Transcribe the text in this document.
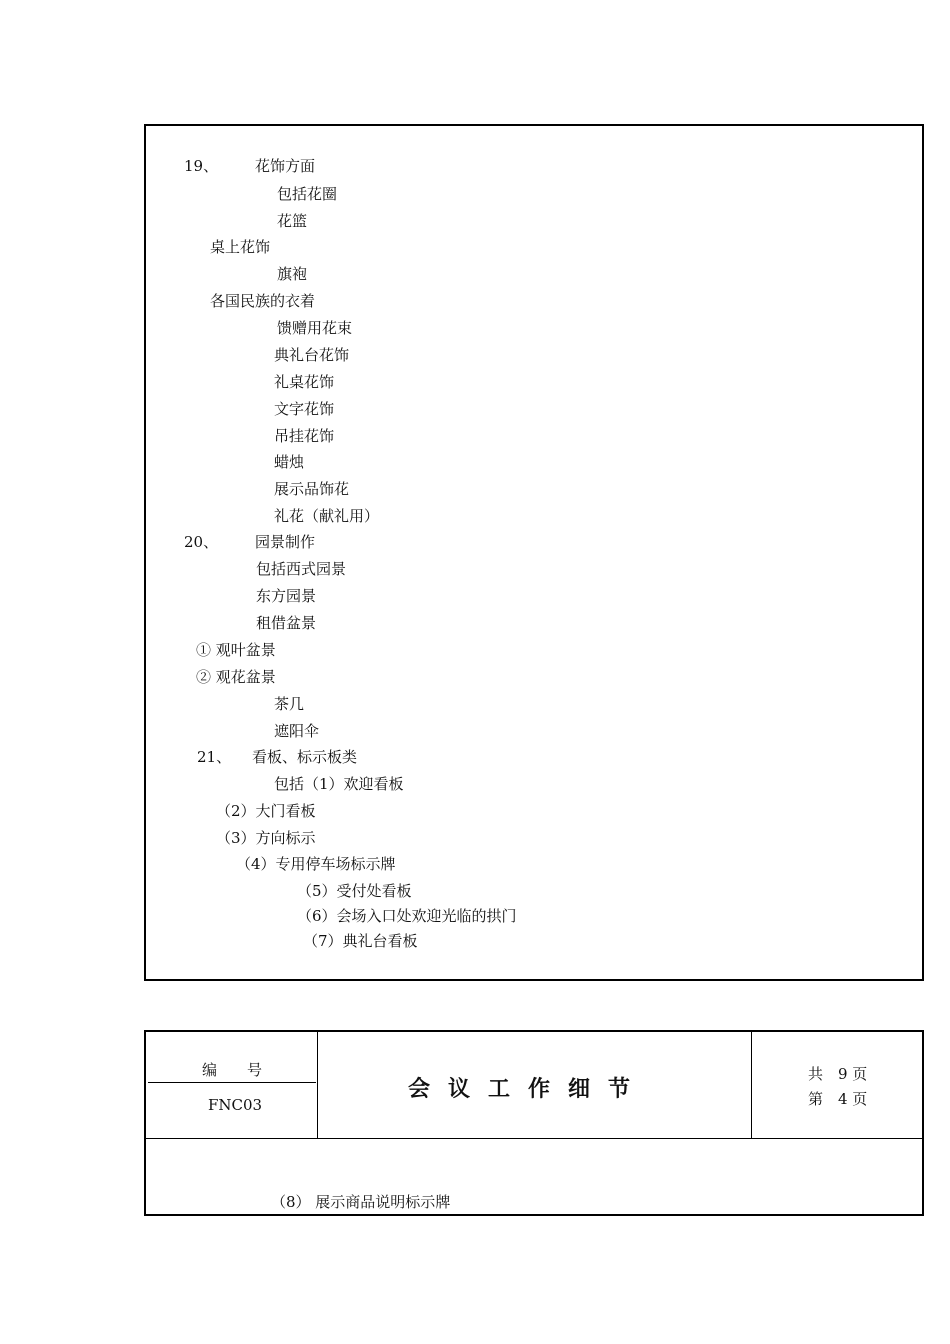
19、 花饰方面
包括花圈
花篮
桌上花饰
旗袍
各国民族的衣着
馈赠用花束
典礼台花饰
礼桌花饰
文字花饰
吊挂花饰
蜡烛
展示品饰花
礼花（献礼用）
20、 园景制作
包括西式园景
东方园景
租借盆景
① 观叶盆景
② 观花盆景
茶几
遮阳伞
21、 看板、标示板类
包括（1）欢迎看板
（2）大门看板
（3）方向标示
（4）专用停车场标示牌
（5）受付处看板
（6）会场入口处欢迎光临的拱门
（7）典礼台看板
编　　号
FNC03
会议工作细节
共　9 页
第　4 页
（8） 展示商品说明标示牌
